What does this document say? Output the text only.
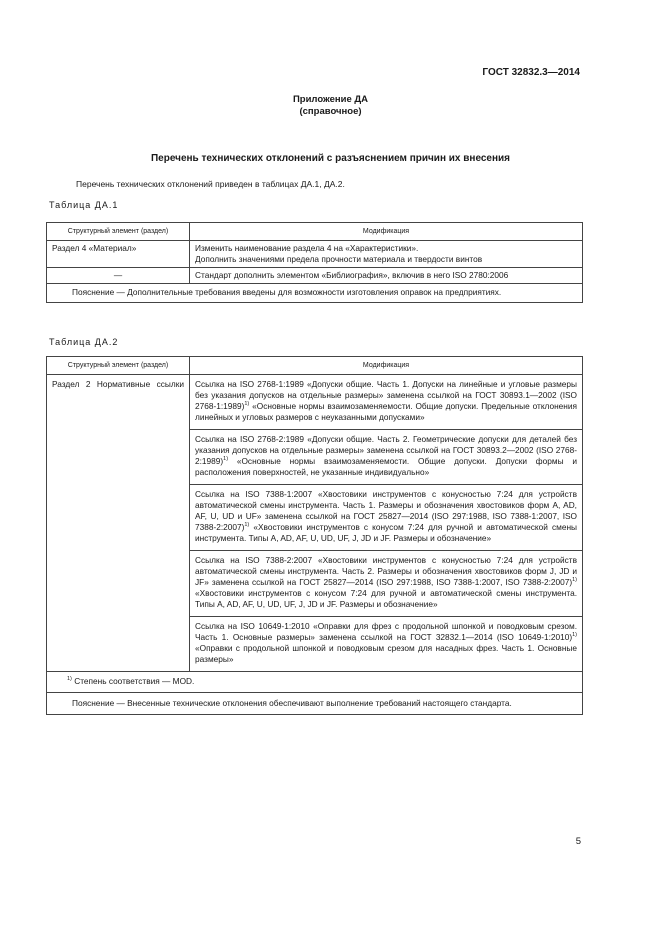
ГОСТ 32832.3—2014
Приложение ДА
(справочное)
Перечень технических отклонений с разъяснением причин их внесения
Перечень технических отклонений приведен в таблицах ДА.1, ДА.2.
Таблица ДА.1
Структурный элемент (раздел)	Модификация
Раздел 4 «Материал»	Изменить наименование раздела 4 на «Характеристики».
Дополнить значениями предела прочности материала и твердости винтов

—	Стандарт дополнить элементом «Библиография», включив в него ISO 2780:2006

Пояснение — Дополнительные требования введены для возможности изготовления оправок на предприятиях.	
Таблица ДА.2
Структурный элемент (раздел)	Модификация

Раздел 2 Нормативные ссылки	Ссылка на ISO 2768-1:1989 «Допуски общие. Часть 1. Допуски на линейные и угловые размеры без указания допусков на отдельные размеры» заменена ссылкой на ГОСТ 30893.1—2002 (ISO 2768-1:1989)$^{1)}$ «Основные нормы взаимозаменяемости. Общие допуски. Предельные отклонения линейных и угловых размеров с неуказанными допусками»
	Ссылка на ISO 2768-2:1989 «Допуски общие. Часть 2. Геометрические допуски для деталей без указания допусков на отдельные размеры» заменена ссылкой на ГОСТ 30893.2—2002 (ISO 2768-2:1989)$^{1)}$ «Основные нормы взаимозаменяемости. Общие допуски. Допуски формы и расположения поверхностей, не указанные индивидуально»
	Ссылка на ISO 7388-1:2007 «Хвостовики инструментов с конусностью 7:24 для устройств автоматической смены инструмента. Часть 1. Размеры и обозначения хвостовиков форм A, AD, AF, U, UD и UF» заменена ссылкой на ГОСТ 25827—2014 (ISO 297:1988, ISO 7388-1:2007, ISO 7388-2:2007)$^{1)}$ «Хвостовики инструментов с конусом 7:24 для ручной и автоматической смены инструмента. Типы A, AD, AF, U, UD, UF, J, JD и JF. Размеры и обозначение»
	Ссылка на ISO 7388-2:2007 «Хвостовики инструментов с конусностью 7:24 для устройств автоматической смены инструмента. Часть 2. Размеры и обозначения хвостовиков форм J, JD и JF» заменена ссылкой на ГОСТ 25827—2014 (ISO 297:1988, ISO 7388-1:2007, ISO 7388-2:2007)$^{1)}$ «Хвостовики инструментов с конусом 7:24 для ручной и автоматической смены инструмента. Типы A, AD, AF, U, UD, UF, J, JD и JF. Размеры и обозначение»
	Ссылка на ISO 10649-1:2010 «Оправки для фрез с продольной шпонкой и поводковым срезом. Часть 1. Основные размеры» заменена ссылкой на ГОСТ 32832.1—2014 (ISO 10649-1:2010)$^{1)}$ «Оправки с продольной шпонкой и поводковым срезом для насадных фрез. Часть 1. Основные размеры»
$^{1)}$ Степень соответствия — MOD.	
Пояснение — Внесенные технические отклонения обеспечивают выполнение требований настоящего стандарта.	
5
